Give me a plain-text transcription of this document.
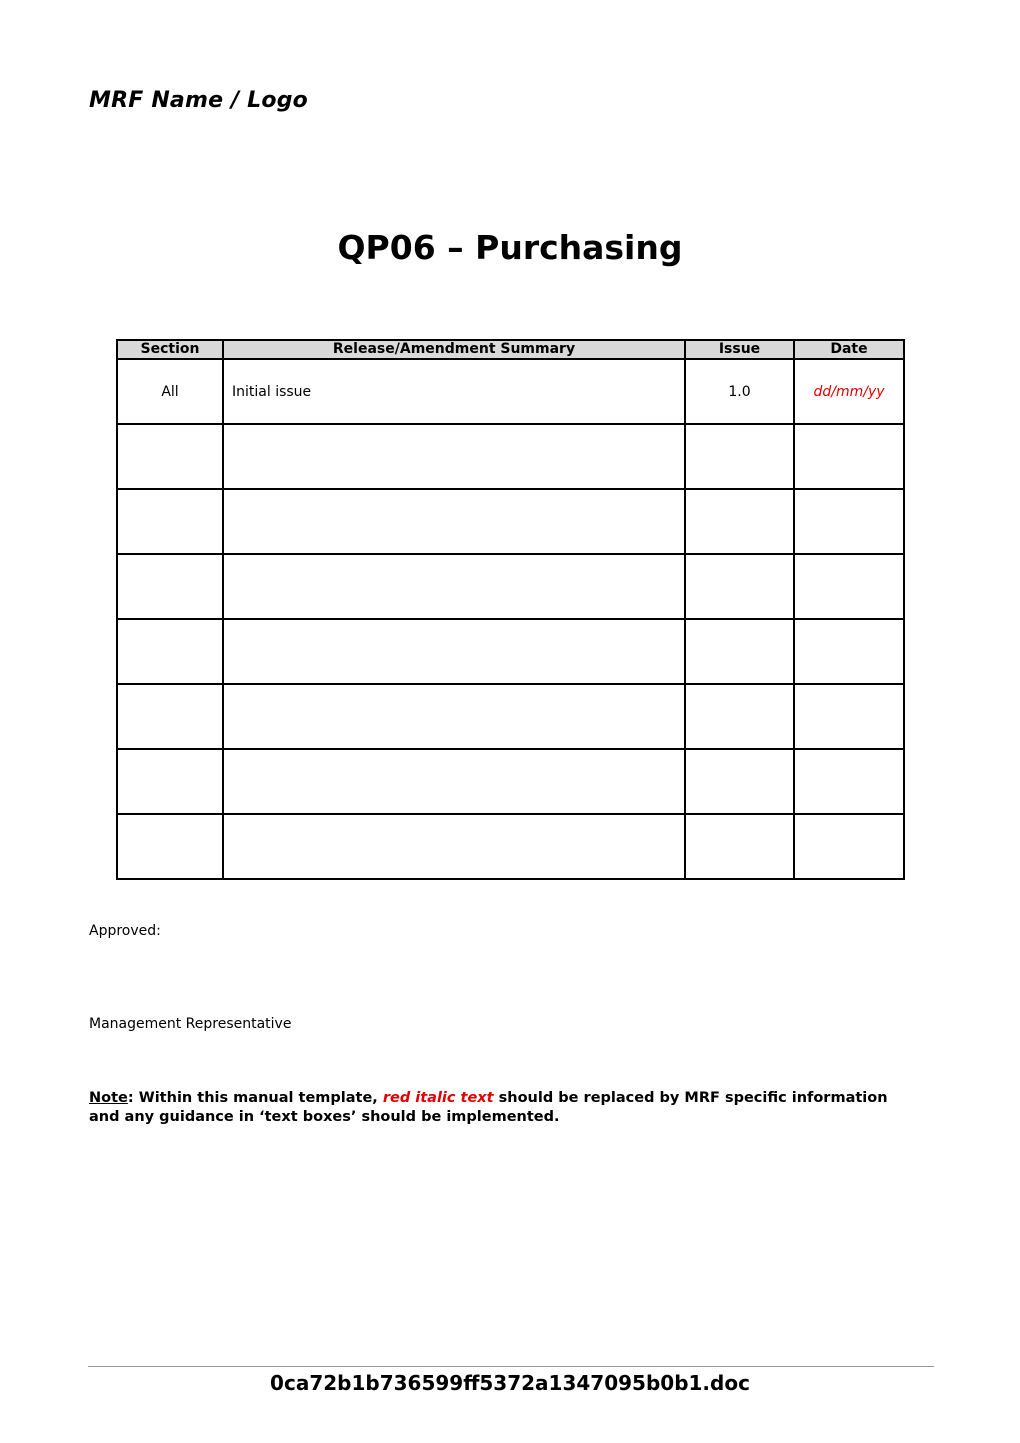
MRF Name / Logo
QP06 – Purchasing
Section	Release/Amendment Summary	Issue	Date
All	Initial issue	1.0	dd/mm/yy

Approved:
Management Representative
Note: Within this manual template, red italic text should be replaced by MRF specific information and any guidance in ‘text boxes’ should be implemented.
0ca72b1b736599ff5372a1347095b0b1.doc
